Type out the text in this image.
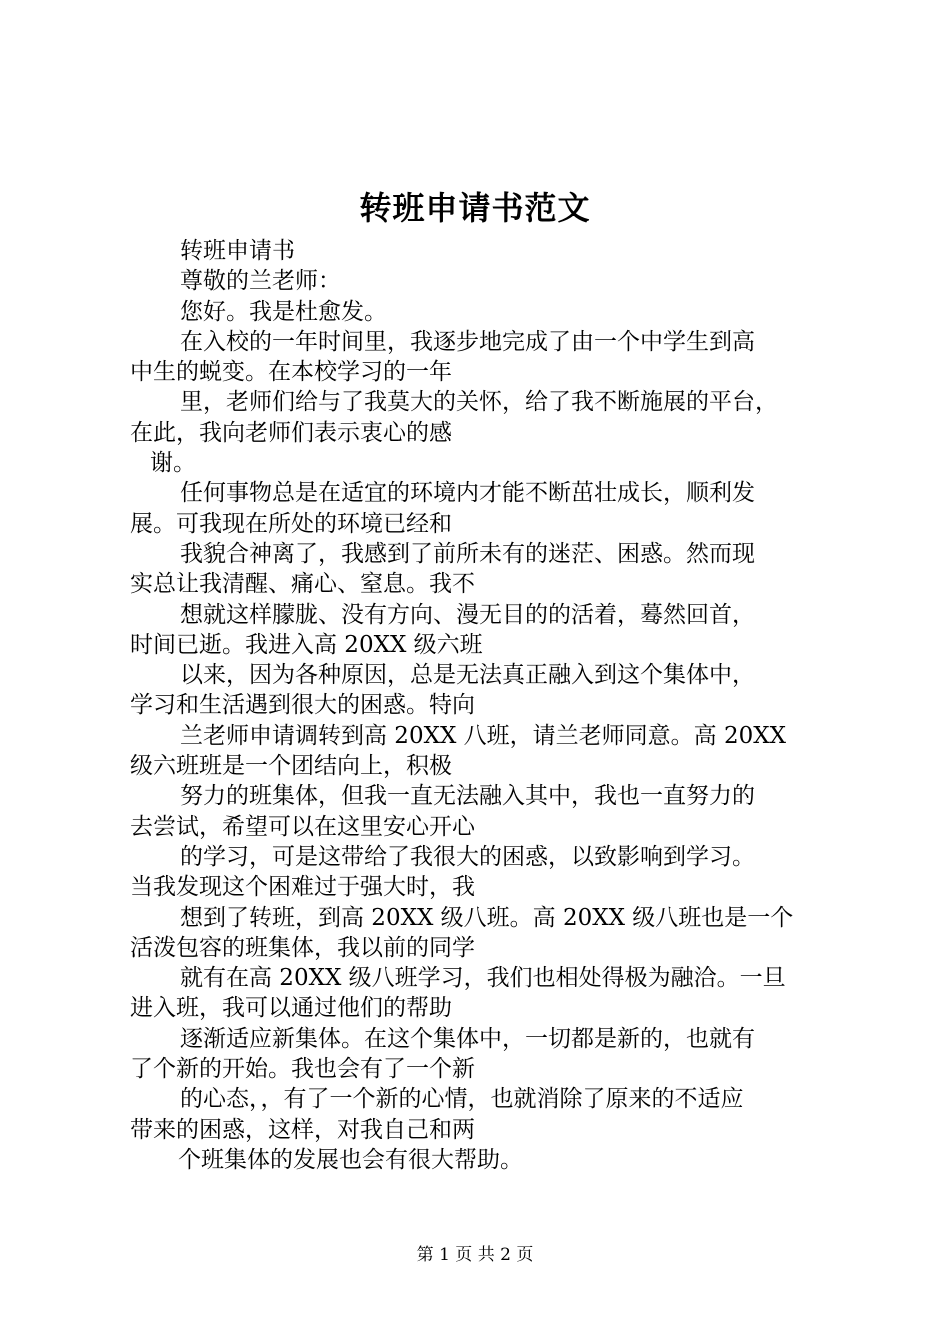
转班申请书范文
转班申请书
尊敬的兰老师：
您好。我是杜愈发。
在入校的一年时间里，我逐步地完成了由一个中学生到高
中生的蜕变。在本校学习的一年
里，老师们给与了我莫大的关怀，给了我不断施展的平台，
在此，我向老师们表示衷心的感
谢。
任何事物总是在适宜的环境内才能不断茁壮成长，顺利发
展。可我现在所处的环境已经和
我貌合神离了，我感到了前所未有的迷茫、困惑。然而现
实总让我清醒、痛心、窒息。我不
想就这样朦胧、没有方向、漫无目的的活着，蓦然回首，
时间已逝。我进入高 20XX 级六班
以来，因为各种原因，总是无法真正融入到这个集体中，
学习和生活遇到很大的困惑。特向
兰老师申请调转到高 20XX 八班，请兰老师同意。高 20XX
级六班班是一个团结向上，积极
努力的班集体，但我一直无法融入其中，我也一直努力的
去尝试，希望可以在这里安心开心
的学习，可是这带给了我很大的困惑，以致影响到学习。
当我发现这个困难过于强大时，我
想到了转班，到高 20XX 级八班。高 20XX 级八班也是一个
活泼包容的班集体，我以前的同学
就有在高 20XX 级八班学习，我们也相处得极为融洽。一旦
进入班，我可以通过他们的帮助
逐渐适应新集体。在这个集体中，一切都是新的，也就有
了个新的开始。我也会有了一个新
的心态，，有了一个新的心情，也就消除了原来的不适应
带来的困惑，这样，对我自己和两
个班集体的发展也会有很大帮助。
第 1 页 共 2 页
